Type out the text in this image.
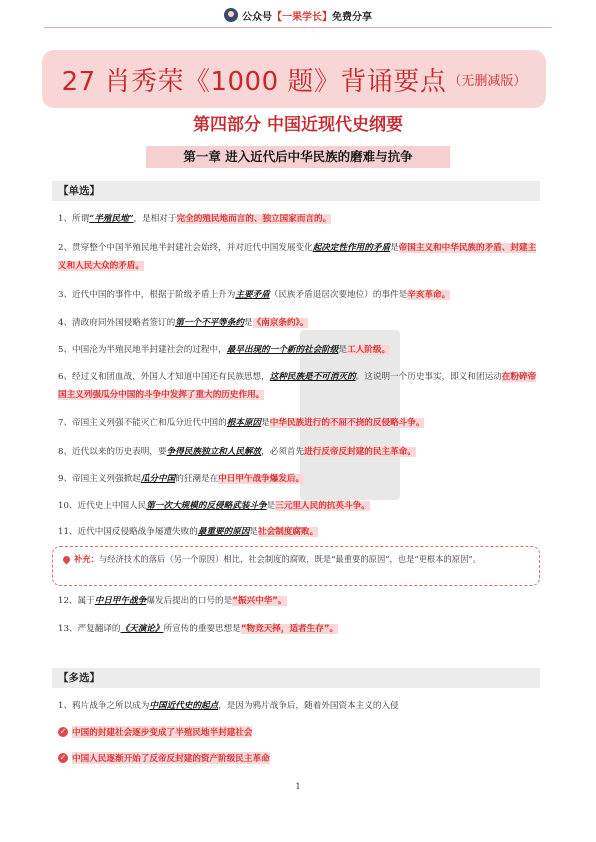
公众号 【一果学长】 免费分享
27 肖秀荣《1000 题》背诵要点 （无删减版）
第四部分 中国近现代史纲要
第一章 进入近代后中华民族的磨难与抗争
【单选】
1、所谓“半殖民地”，是相对于完全的殖民地而言的、独立国家而言的。
2、贯穿整个中国半殖民地半封建社会始终，并对近代中国发展变化起决定性作用的矛盾是帝国主义和中华民族的矛盾、封建主义和人民大众的矛盾。
3、近代中国的事件中，根据于阶级矛盾上升为主要矛盾（民族矛盾退居次要地位）的事件是辛亥革命。
4、清政府同外国侵略者签订的第一个不平等条约是《南京条约》。
5、中国沦为半殖民地半封建社会的过程中，最早出现的一个新的社会阶级是工人阶级。
6、经过义和团血战，外国人才知道中国还有民族思想，这种民族是不可消灭的。这说明一个历史事实，即义和团运动在粉碎帝国主义列强瓜分中国的斗争中发挥了重大的历史作用。
7、帝国主义列强不能灭亡和瓜分近代中国的根本原因是中华民族进行的不屈不挠的反侵略斗争。
8、近代以来的历史表明，要争得民族独立和人民解放，必须首先进行反帝反封建的民主革命。
9、帝国主义列强掀起瓜分中国的狂潮是在中日甲午战争爆发后。
10、近代史上中国人民第一次大规模的反侵略武装斗争是三元里人民的抗英斗争。
11、近代中国反侵略战争屡遭失败的最重要的原因是社会制度腐败。
补充：与经济技术的落后（另一个原因）相比，社会制度的腐败，既是“最重要的原因”，也是“更根本的原因”。
12、属于中日甲午战争爆发后提出的口号的是“振兴中华”。
13、严复翻译的《天演论》所宣传的重要思想是“物竞天择，适者生存”。
【多选】
1、鸦片战争之所以成为中国近代史的起点，是因为鸦片战争后，随着外国资本主义的入侵
✓ 中国的封建社会逐步变成了半殖民地半封建社会
✓ 中国人民逐渐开始了反帝反封建的资产阶级民主革命
1
